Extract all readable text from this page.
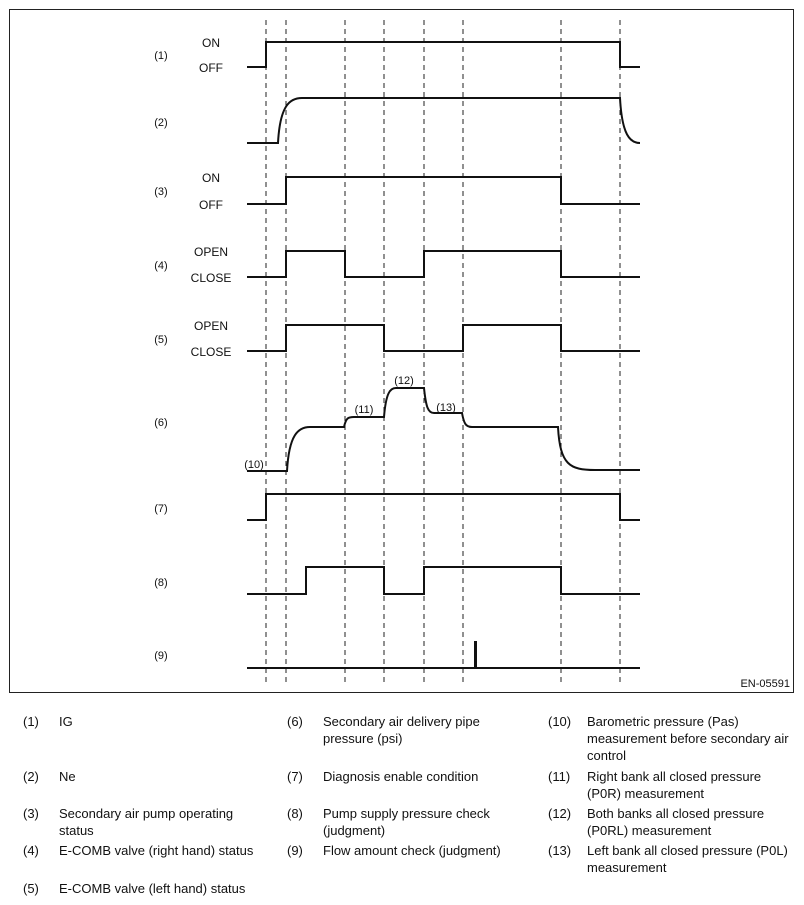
(1)
(2)
(3)
(4)
(5)
(6)
(7)
(8)
(9)
ON
OFF
ON
OFF
OPEN
CLOSE
OPEN
CLOSE
(10)
(11)
(12)
(13)
EN-05591
(1) IG
(2) Ne
(3) Secondary air pump operating status
(4) E-COMB valve (right hand) status
(5) E-COMB valve (left hand) status
(6) Secondary air delivery pipe pressure (psi)
(7) Diagnosis enable condition
(8) Pump supply pressure check (judgment)
(9) Flow amount check (judgment)
(10) Barometric pressure (Pas) measurement before secondary air control
(11) Right bank all closed pressure (P0R) measurement
(12) Both banks all closed pressure (P0RL) measurement
(13) Left bank all closed pressure (P0L) measurement
